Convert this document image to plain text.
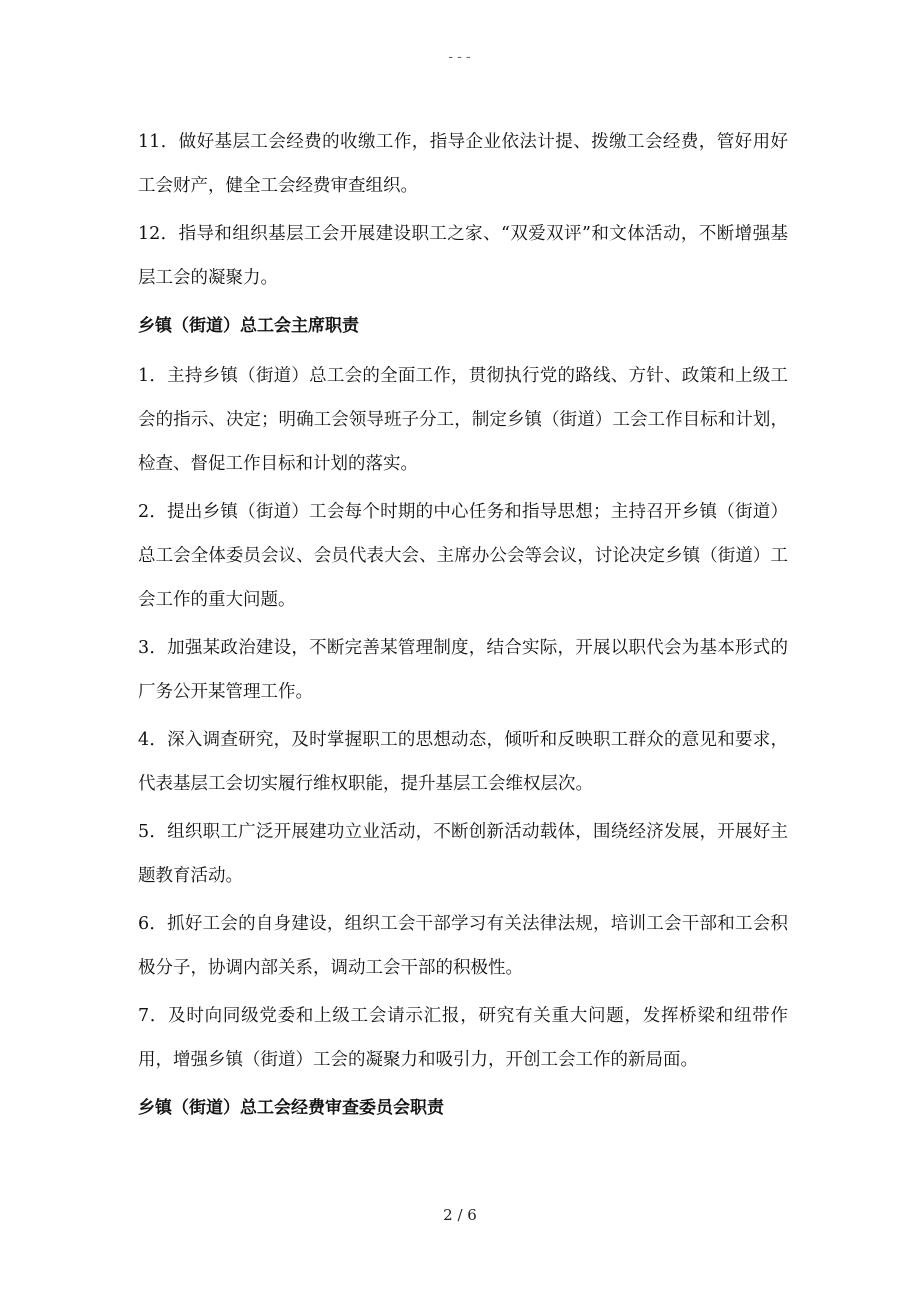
---

11．做好基层工会经费的收缴工作，指导企业依法计提、拨缴工会经费，管好用好工会财产，健全工会经费审查组织。

12．指导和组织基层工会开展建设职工之家、“双爱双评”和文体活动，不断增强基层工会的凝聚力。

乡镇（街道）总工会主席职责

1．主持乡镇（街道）总工会的全面工作，贯彻执行党的路线、方针、政策和上级工会的指示、决定；明确工会领导班子分工，制定乡镇（街道）工会工作目标和计划，检查、督促工作目标和计划的落实。

2．提出乡镇（街道）工会每个时期的中心任务和指导思想；主持召开乡镇（街道）总工会全体委员会议、会员代表大会、主席办公会等会议，讨论决定乡镇（街道）工会工作的重大问题。

3．加强某政治建设，不断完善某管理制度，结合实际，开展以职代会为基本形式的厂务公开某管理工作。

4．深入调查研究，及时掌握职工的思想动态，倾听和反映职工群众的意见和要求，代表基层工会切实履行维权职能，提升基层工会维权层次。

5．组织职工广泛开展建功立业活动，不断创新活动载体，围绕经济发展，开展好主题教育活动。

6．抓好工会的自身建设，组织工会干部学习有关法律法规，培训工会干部和工会积极分子，协调内部关系，调动工会干部的积极性。

7．及时向同级党委和上级工会请示汇报，研究有关重大问题，发挥桥梁和纽带作用，增强乡镇（街道）工会的凝聚力和吸引力，开创工会工作的新局面。

乡镇（街道）总工会经费审查委员会职责
2 / 6
